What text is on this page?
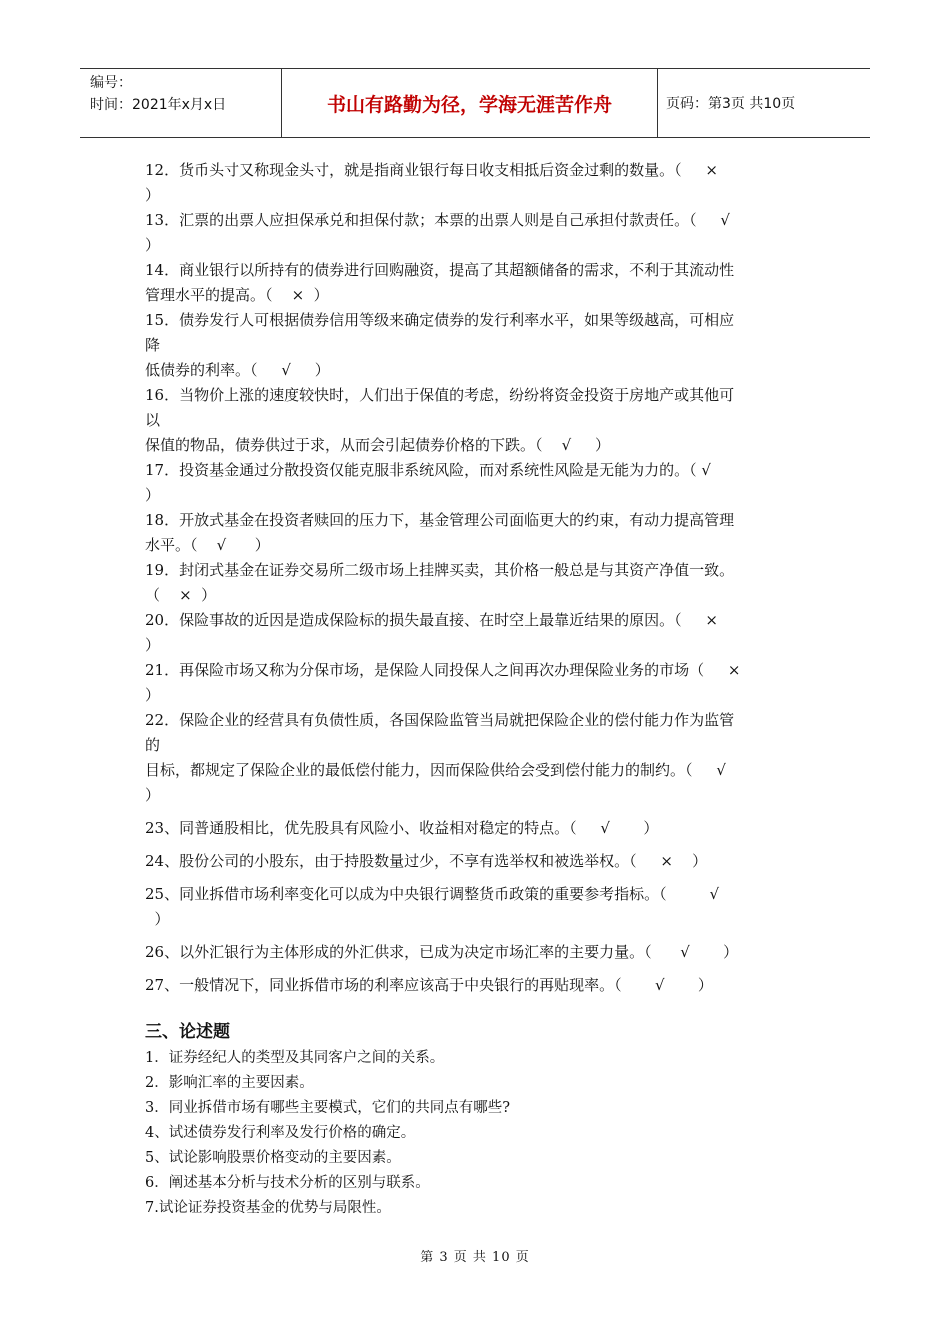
编号：
时间：2021年x月x日	书山有路勤为径，学海无涯苦作舟	页码：第3页 共10页
12．货币头寸又称现金头寸，就是指商业银行每日收支相抵后资金过剩的数量。（     ×
）
13．汇票的出票人应担保承兑和担保付款；本票的出票人则是自己承担付款责任。（     √
）
14．商业银行以所持有的债券进行回购融资，提高了其超额储备的需求，不利于其流动性
管理水平的提高。（    ×  ）
15．债券发行人可根据债券信用等级来确定债券的发行利率水平，如果等级越高，可相应
降
低债券的利率。（     √     ）
16．当物价上涨的速度较快时，人们出于保值的考虑，纷纷将资金投资于房地产或其他可
以
保值的物品，债券供过于求，从而会引起债券价格的下跌。（    √     ）
17．投资基金通过分散投资仅能克服非系统风险，而对系统性风险是无能为力的。（ √
）
18．开放式基金在投资者赎回的压力下，基金管理公司面临更大的约束，有动力提高管理
水平。（    √      ）
19．封闭式基金在证券交易所二级市场上挂牌买卖，其价格一般总是与其资产净值一致。
（    ×  ）
20．保险事故的近因是造成保险标的损失最直接、在时空上最靠近结果的原因。（     ×
）
21．再保险市场又称为分保市场，是保险人同投保人之间再次办理保险业务的市场（     ×
）
22．保险企业的经营具有负债性质，各国保险监管当局就把保险企业的偿付能力作为监管
的
目标，都规定了保险企业的最低偿付能力，因而保险供给会受到偿付能力的制约。（     √
）
23、同普通股相比，优先股具有风险小、收益相对稳定的特点。（     √       ）
24、股份公司的小股东，由于持股数量过少，不享有选举权和被选举权。（     ×    ）
25、同业拆借市场利率变化可以成为中央银行调整货币政策的重要参考指标。（         √
）
26、以外汇银行为主体形成的外汇供求，已成为决定市场汇率的主要力量。（      √       ）
27、一般情况下，同业拆借市场的利率应该高于中央银行的再贴现率。（       √       ）
三、论述题
1．证券经纪人的类型及其同客户之间的关系。
2．影响汇率的主要因素。
3．同业拆借市场有哪些主要模式，它们的共同点有哪些?
4、试述债券发行利率及发行价格的确定。
5、试论影响股票价格变动的主要因素。
6．阐述基本分析与技术分析的区别与联系。
7.试论证券投资基金的优势与局限性。
第 3 页 共 10 页
